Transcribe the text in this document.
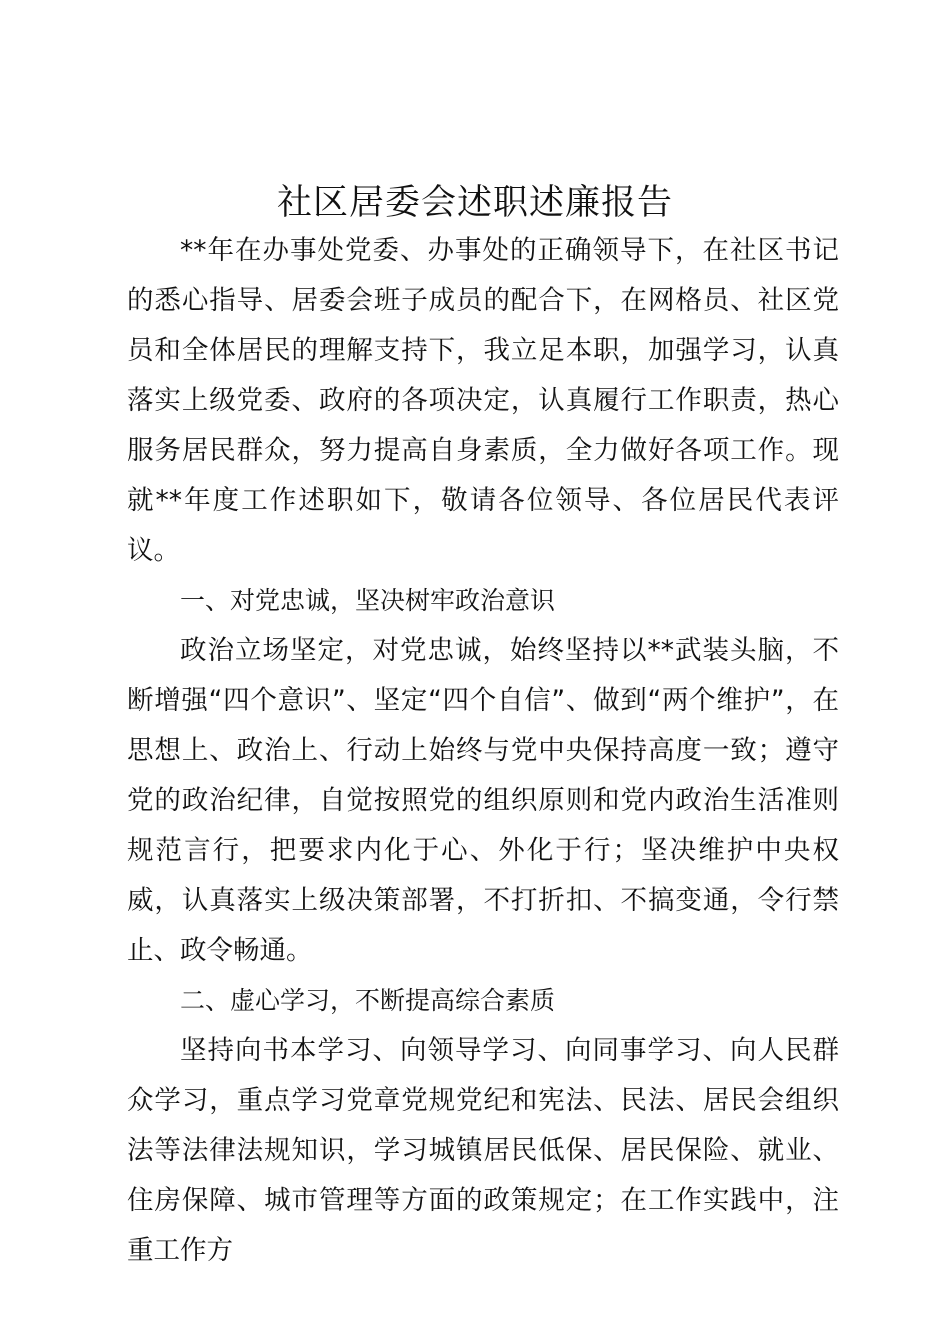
社区居委会述职述廉报告

**年在办事处党委、办事处的正确领导下，在社区书记的悉心指导、居委会班子成员的配合下，在网格员、社区党员和全体居民的理解支持下，我立足本职，加强学习，认真落实上级党委、政府的各项决定，认真履行工作职责，热心服务居民群众，努力提高自身素质，全力做好各项工作。现就**年度工作述职如下，敬请各位领导、各位居民代表评议。

一、对党忠诚，坚决树牢政治意识

政治立场坚定，对党忠诚，始终坚持以**武装头脑，不断增强“四个意识”、坚定“四个自信”、做到“两个维护”，在思想上、政治上、行动上始终与党中央保持高度一致；遵守党的政治纪律，自觉按照党的组织原则和党内政治生活准则规范言行，把要求内化于心、外化于行；坚决维护中央权威，认真落实上级决策部署，不打折扣、不搞变通，令行禁止、政令畅通。

二、虚心学习，不断提高综合素质

坚持向书本学习、向领导学习、向同事学习、向人民群众学习，重点学习党章党规党纪和宪法、民法、居民会组织法等法律法规知识，学习城镇居民低保、居民保险、就业、住房保障、城市管理等方面的政策规定；在工作实践中，注重工作方
